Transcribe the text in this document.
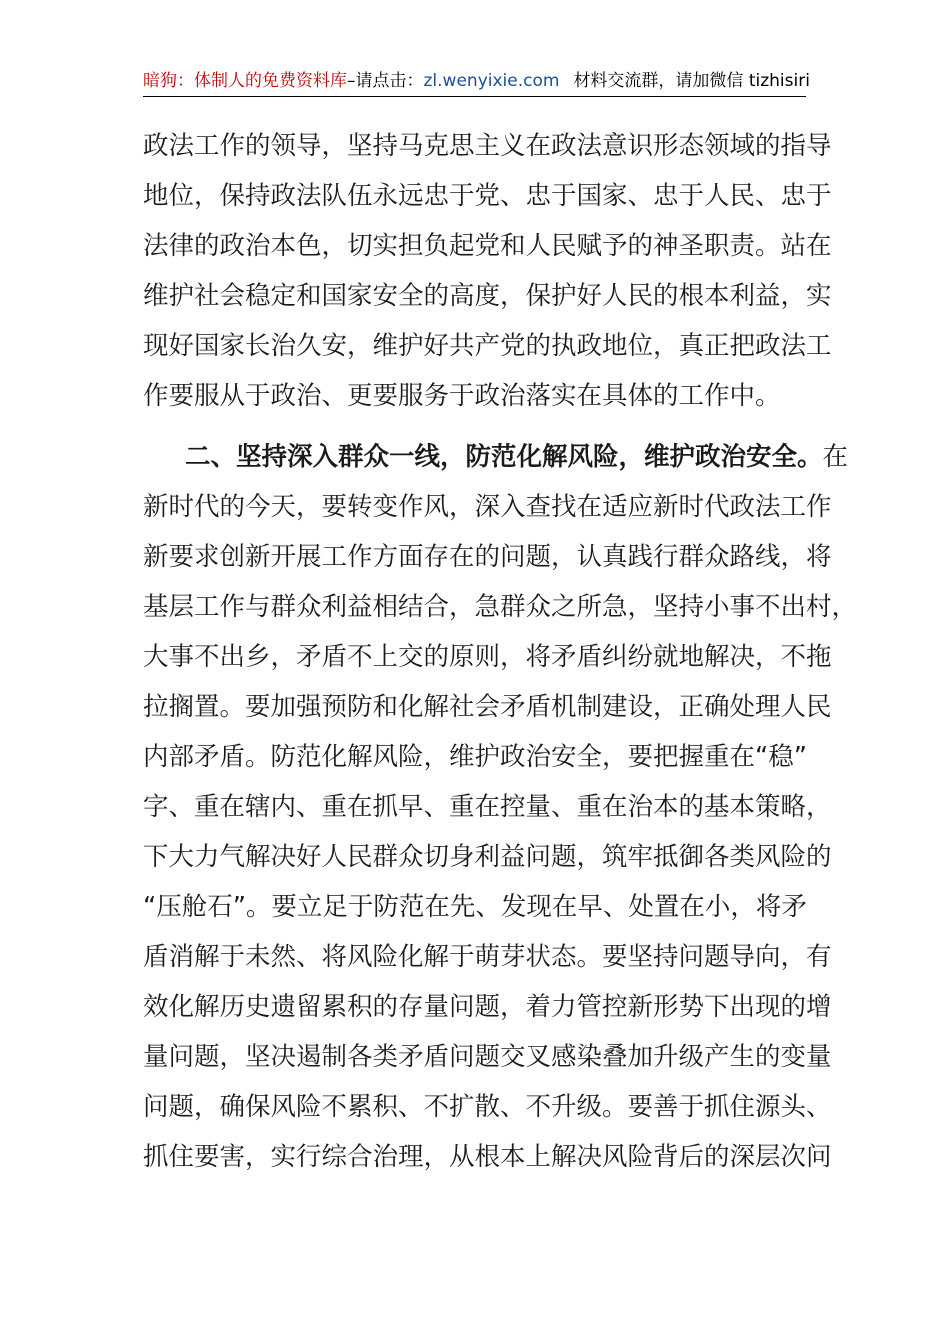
暗狗：体制人的免费资料库–请点击：zl.wenyixie.com 材料交流群，请加微信 tizhisiri
政法工作的领导，坚持马克思主义在政法意识形态领域的指导
地位，保持政法队伍永远忠于党、忠于国家、忠于人民、忠于
法律的政治本色，切实担负起党和人民赋予的神圣职责。站在
维护社会稳定和国家安全的高度，保护好人民的根本利益，实
现好国家长治久安，维护好共产党的执政地位，真正把政法工
作要服从于政治、更要服务于政治落实在具体的工作中。
二、坚持深入群众一线，防范化解风险，维护政治安全。在
新时代的今天，要转变作风，深入查找在适应新时代政法工作
新要求创新开展工作方面存在的问题，认真践行群众路线，将
基层工作与群众利益相结合，急群众之所急，坚持小事不出村，
大事不出乡，矛盾不上交的原则，将矛盾纠纷就地解决，不拖
拉搁置。要加强预防和化解社会矛盾机制建设，正确处理人民
内部矛盾。防范化解风险，维护政治安全，要把握重在“稳”
字、重在辖内、重在抓早、重在控量、重在治本的基本策略，
下大力气解决好人民群众切身利益问题，筑牢抵御各类风险的
“压舱石”。要立足于防范在先、发现在早、处置在小，将矛
盾消解于未然、将风险化解于萌芽状态。要坚持问题导向，有
效化解历史遗留累积的存量问题，着力管控新形势下出现的增
量问题，坚决遏制各类矛盾问题交叉感染叠加升级产生的变量
问题，确保风险不累积、不扩散、不升级。要善于抓住源头、
抓住要害，实行综合治理，从根本上解决风险背后的深层次问
